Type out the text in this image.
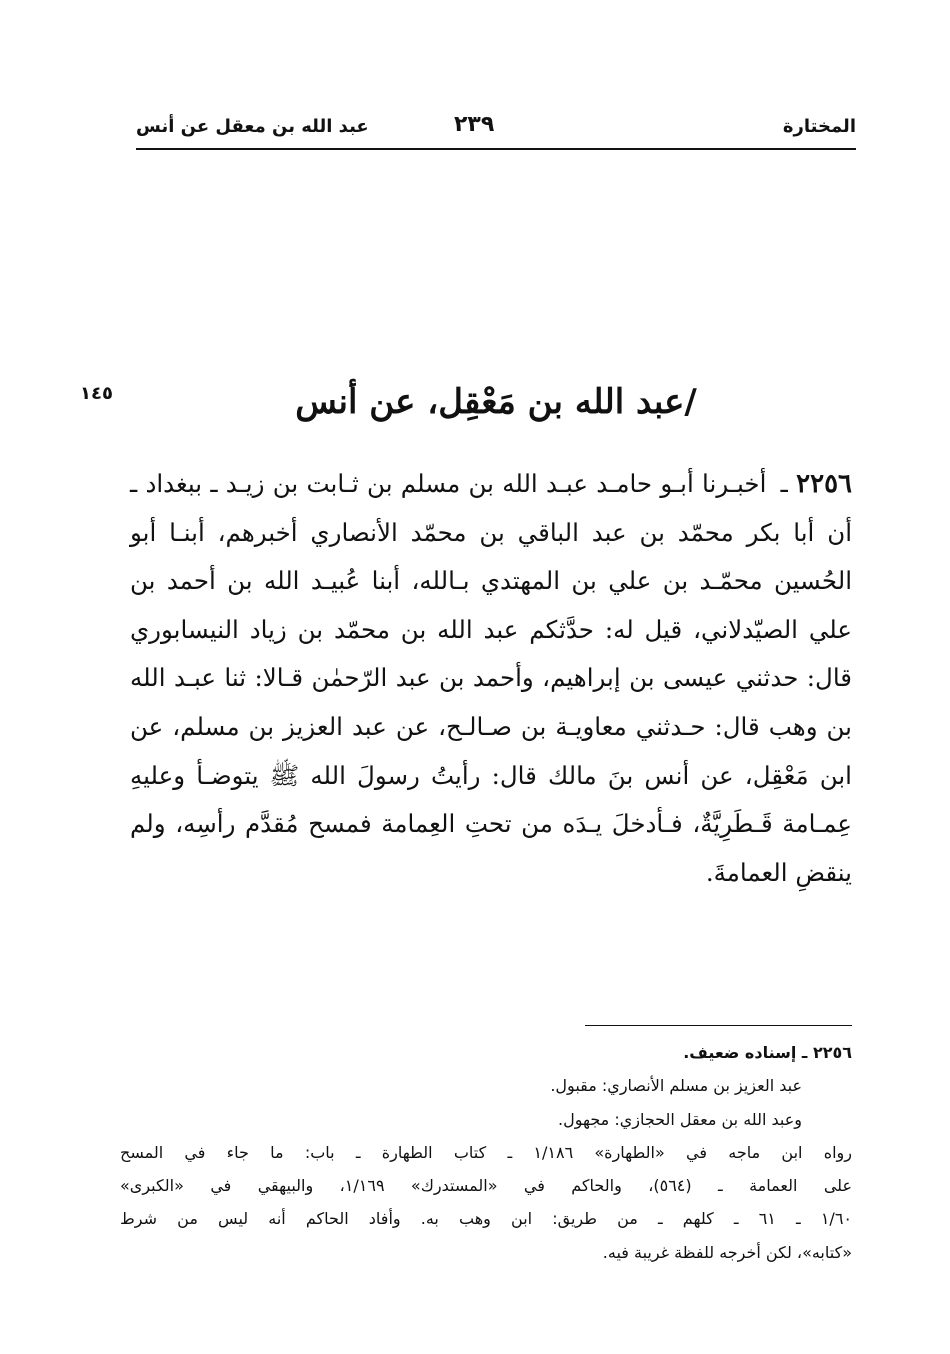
المختارة
٢٣٩
عبد الله بن معقل عن أنس
١٤٥	/عبد الله بن مَعْقِل، عن أنس

٢٢٥٦ ـ أخبـرنا أبـو حامـد عبـد الله بن مسلم بن ثـابت بن زيـد ـ ببغداد ـ أن أبا بكر محمّد بن عبد الباقي بن محمّد الأنصاري أخبرهم، أبنـا أبو الحُسين محمّـد بن علي بن المهتدي بـالله، أبنا عُبيـد الله بن أحمد بن علي الصيّدلاني، قيل له: حدَّثكم عبد الله بن محمّد بن زياد النيسابوري قال: حدثني عيسى بن إبراهيم، وأحمد بن عبد الرّحمٰن قـالا: ثنا عبـد الله بن وهب قال: حـدثني معاويـة بن صـالـح، عن عبد العزيز بن مسلم، عن ابن مَعْقِل، عن أنس بنَ مالك قال: رأيتُ رسولَ الله ﷺ يتوضـأ وعليهِ عِمـامة قَـطَرِيَّةٌ، فـأدخلَ يـدَه من تحتِ العِمامة فمسح مُقدَّم رأسِه، ولم ينقضِ العمامةَ.

٢٢٥٦ ـ إسناده ضعيف.
عبد العزيز بن مسلم الأنصاري: مقبول.
وعبد الله بن معقل الحجازي: مجهول.
رواه ابن ماجه في «الطهارة» ١/١٨٦ ـ كتاب الطهارة ـ باب: ما جاء في المسح
على العمامة ـ (٥٦٤)، والحاكم في «المستدرك» ١/١٦٩، والبيهقي في «الكبرى»
١/٦٠ ـ ٦١ ـ كلهم ـ من طريق: ابن وهب به. وأفاد الحاكم أنه ليس من شرط
«كتابه»، لكن أخرجه للفظة غريبة فيه.
